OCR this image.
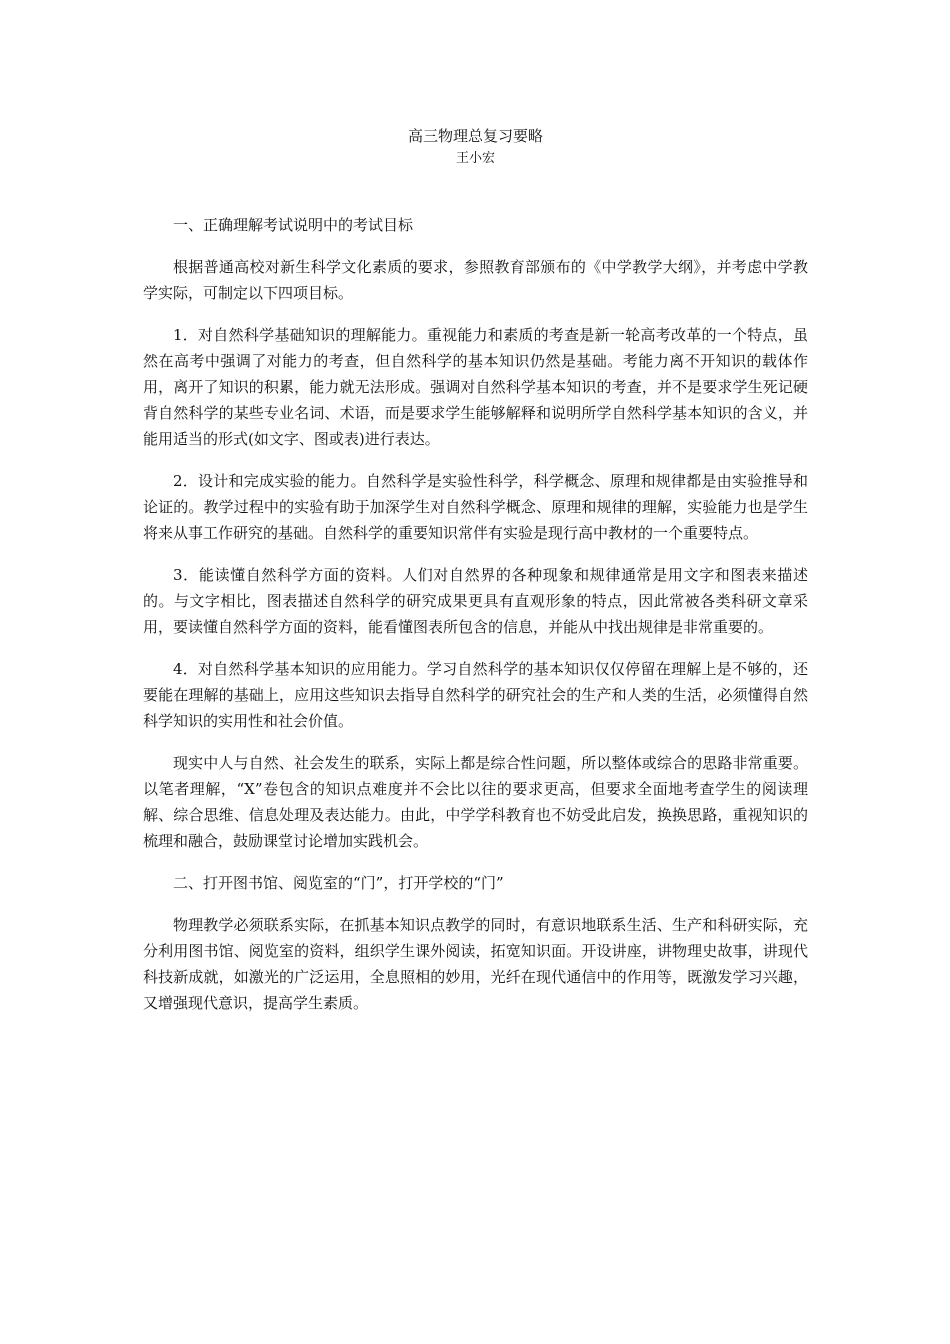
高三物理总复习要略

王小宏

一、正确理解考试说明中的考试目标

根据普通高校对新生科学文化素质的要求，参照教育部颁布的《中学教学大纲》，并考虑中学教学实际，可制定以下四项目标。

1．对自然科学基础知识的理解能力。重视能力和素质的考查是新一轮高考改革的一个特点，虽然在高考中强调了对能力的考查，但自然科学的基本知识仍然是基础。考能力离不开知识的载体作用，离开了知识的积累，能力就无法形成。强调对自然科学基本知识的考查，并不是要求学生死记硬背自然科学的某些专业名词、术语，而是要求学生能够解释和说明所学自然科学基本知识的含义，并能用适当的形式(如文字、图或表)进行表达。

2．设计和完成实验的能力。自然科学是实验性科学，科学概念、原理和规律都是由实验推导和论证的。教学过程中的实验有助于加深学生对自然科学概念、原理和规律的理解，实验能力也是学生将来从事工作研究的基础。自然科学的重要知识常伴有实验是现行高中教材的一个重要特点。

3．能读懂自然科学方面的资料。人们对自然界的各种现象和规律通常是用文字和图表来描述的。与文字相比，图表描述自然科学的研究成果更具有直观形象的特点，因此常被各类科研文章采用，要读懂自然科学方面的资料，能看懂图表所包含的信息，并能从中找出规律是非常重要的。

4．对自然科学基本知识的应用能力。学习自然科学的基本知识仅仅停留在理解上是不够的，还要能在理解的基础上，应用这些知识去指导自然科学的研究社会的生产和人类的生活，必须懂得自然科学知识的实用性和社会价值。

现实中人与自然、社会发生的联系，实际上都是综合性问题，所以整体或综合的思路非常重要。以笔者理解，“X”卷包含的知识点难度并不会比以往的要求更高，但要求全面地考查学生的阅读理解、综合思维、信息处理及表达能力。由此，中学学科教育也不妨受此启发，换换思路，重视知识的梳理和融合，鼓励课堂讨论增加实践机会。

二、打开图书馆、阅览室的“门”，打开学校的“门”

物理教学必须联系实际，在抓基本知识点教学的同时，有意识地联系生活、生产和科研实际，充分利用图书馆、阅览室的资料，组织学生课外阅读，拓宽知识面。开设讲座，讲物理史故事，讲现代科技新成就，如激光的广泛运用，全息照相的妙用，光纤在现代通信中的作用等，既激发学习兴趣，又增强现代意识，提高学生素质。
